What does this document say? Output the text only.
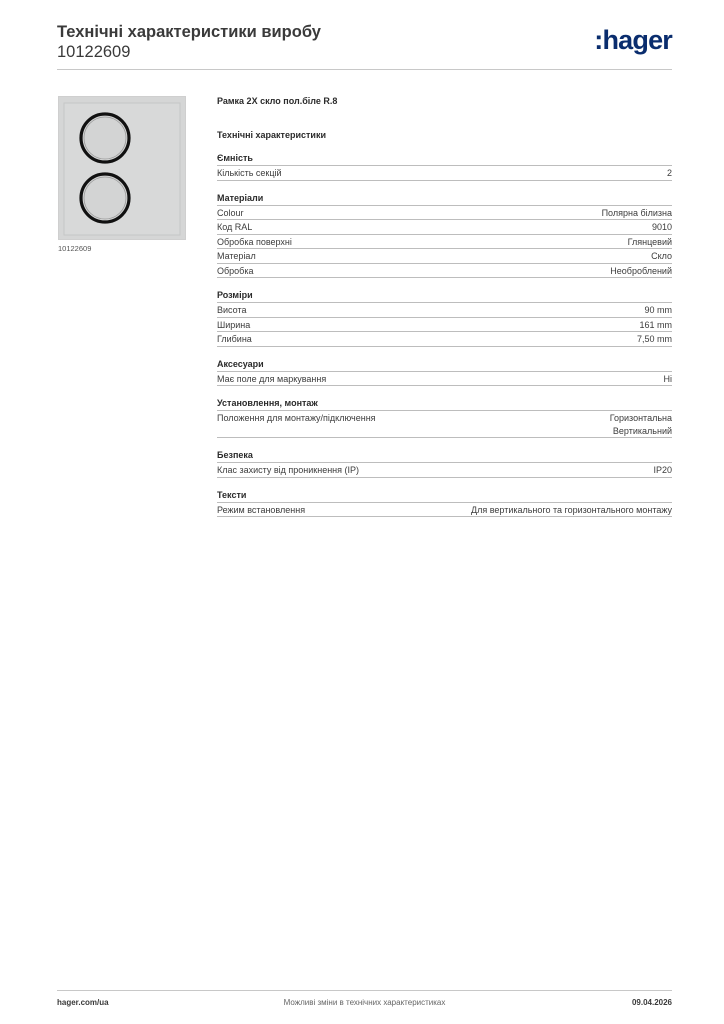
Технічні характеристики виробу
10122609	:hager
10122609
Рамка 2X скло пол.біле R.8
Технічні характеристики
Ємність
Кількість секцій	2
Матеріали
Colour	Полярна білизна
Код RAL	9010
Обробка поверхні	Глянцевий
Матеріал	Скло
Обробка	Необроблений
Розміри
Висота	90 mm
Ширина	161 mm
Глибина	7,50 mm
Аксесуари
Має поле для маркування	Ні
Установлення, монтаж
Положення для монтажу/підключення	Горизонтальна
Вертикальний
Безпека
Клас захисту від проникнення (IP)	IP20
Тексти
Режим встановлення	Для вертикального та горизонтального монтажу
hager.com/ua	Можливі зміни в технічних характеристиках	09.04.2026
